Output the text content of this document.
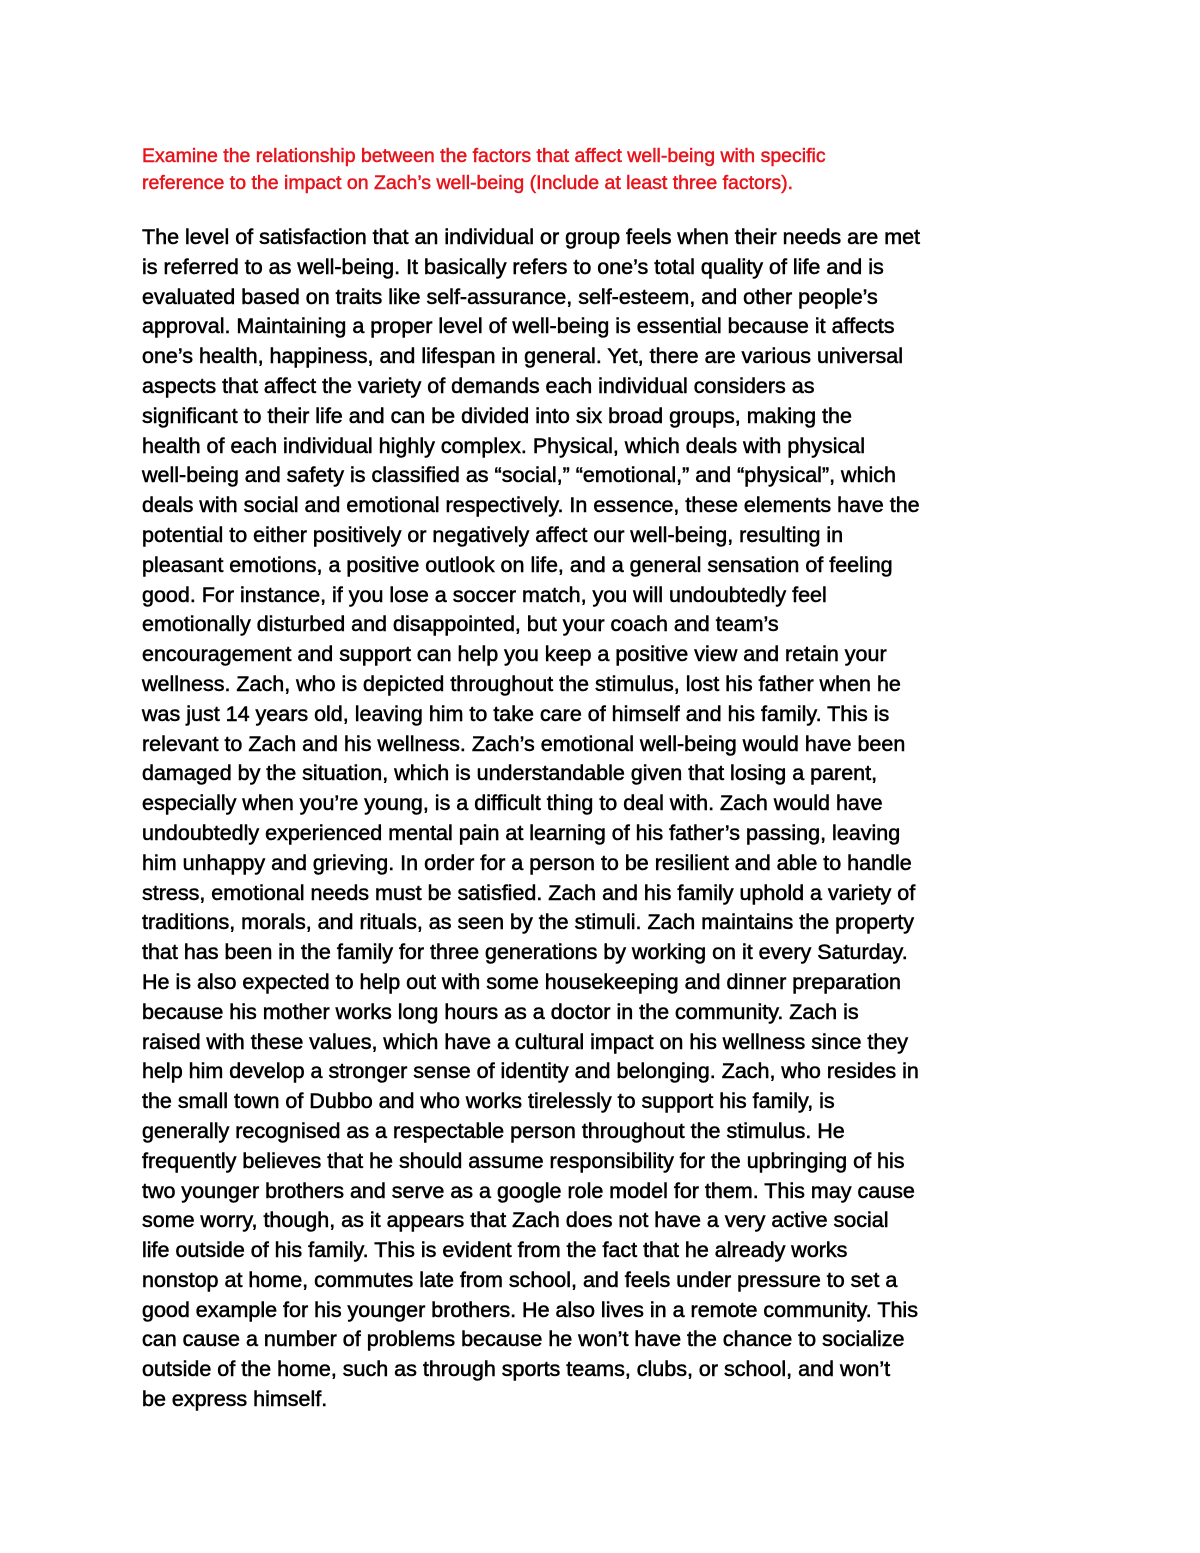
Examine the relationship between the factors that affect well-being with specific
reference to the impact on Zach’s well-being (Include at least three factors).
The level of satisfaction that an individual or group feels when their needs are met
is referred to as well-being. It basically refers to one’s total quality of life and is
evaluated based on traits like self-assurance, self-esteem, and other people’s
approval. Maintaining a proper level of well-being is essential because it affects
one’s health, happiness, and lifespan in general. Yet, there are various universal
aspects that affect the variety of demands each individual considers as
significant to their life and can be divided into six broad groups, making the
health of each individual highly complex. Physical, which deals with physical
well-being and safety is classified as “social,” “emotional,” and “physical”, which
deals with social and emotional respectively. In essence, these elements have the
potential to either positively or negatively affect our well-being, resulting in
pleasant emotions, a positive outlook on life, and a general sensation of feeling
good. For instance, if you lose a soccer match, you will undoubtedly feel
emotionally disturbed and disappointed, but your coach and team’s
encouragement and support can help you keep a positive view and retain your
wellness. Zach, who is depicted throughout the stimulus, lost his father when he
was just 14 years old, leaving him to take care of himself and his family. This is
relevant to Zach and his wellness. Zach’s emotional well-being would have been
damaged by the situation, which is understandable given that losing a parent,
especially when you’re young, is a difficult thing to deal with. Zach would have
undoubtedly experienced mental pain at learning of his father’s passing, leaving
him unhappy and grieving. In order for a person to be resilient and able to handle
stress, emotional needs must be satisfied. Zach and his family uphold a variety of
traditions, morals, and rituals, as seen by the stimuli. Zach maintains the property
that has been in the family for three generations by working on it every Saturday.
He is also expected to help out with some housekeeping and dinner preparation
because his mother works long hours as a doctor in the community. Zach is
raised with these values, which have a cultural impact on his wellness since they
help him develop a stronger sense of identity and belonging. Zach, who resides in
the small town of Dubbo and who works tirelessly to support his family, is
generally recognised as a respectable person throughout the stimulus. He
frequently believes that he should assume responsibility for the upbringing of his
two younger brothers and serve as a google role model for them. This may cause
some worry, though, as it appears that Zach does not have a very active social
life outside of his family. This is evident from the fact that he already works
nonstop at home, commutes late from school, and feels under pressure to set a
good example for his younger brothers. He also lives in a remote community. This
can cause a number of problems because he won’t have the chance to socialize
outside of the home, such as through sports teams, clubs, or school, and won’t
be express himself.
